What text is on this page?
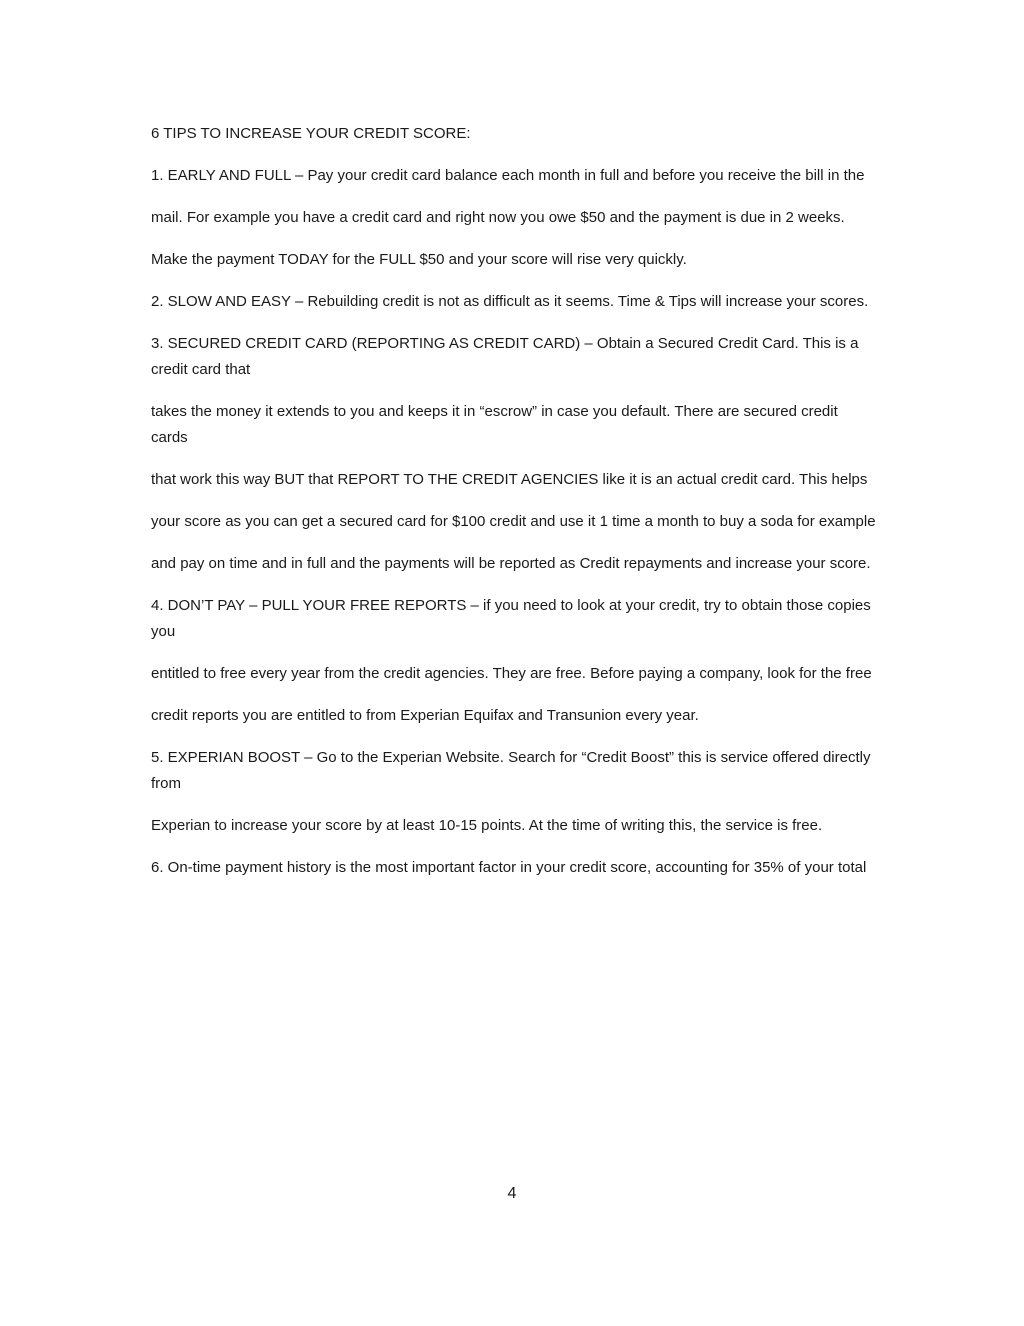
6 TIPS TO INCREASE YOUR CREDIT SCORE:

1. EARLY AND FULL – Pay your credit card balance each month in full and before you receive the bill in the

mail. For example you have a credit card and right now you owe $50 and the payment is due in 2 weeks.

Make the payment TODAY for the FULL $50 and your score will rise very quickly.

2. SLOW AND EASY – Rebuilding credit is not as difficult as it seems. Time & Tips will increase your scores.

3. SECURED CREDIT CARD (REPORTING AS CREDIT CARD) – Obtain a Secured Credit Card. This is a credit card that

takes the money it extends to you and keeps it in “escrow” in case you default. There are secured credit cards

that work this way BUT that REPORT TO THE CREDIT AGENCIES like it is an actual credit card. This helps

your score as you can get a secured card for $100 credit and use it 1 time a month to buy a soda for example

and pay on time and in full and the payments will be reported as Credit repayments and increase your score.

4. DON’T PAY – PULL YOUR FREE REPORTS – if you need to look at your credit, try to obtain those copies you

entitled to free every year from the credit agencies. They are free. Before paying a company, look for the free

credit reports you are entitled to from Experian Equifax and Transunion every year.

5. EXPERIAN BOOST – Go to the Experian Website. Search for “Credit Boost” this is service offered directly from

Experian to increase your score by at least 10-15 points. At the time of writing this, the service is free.

6. On-time payment history is the most important factor in your credit score, accounting for 35% of your total

4
